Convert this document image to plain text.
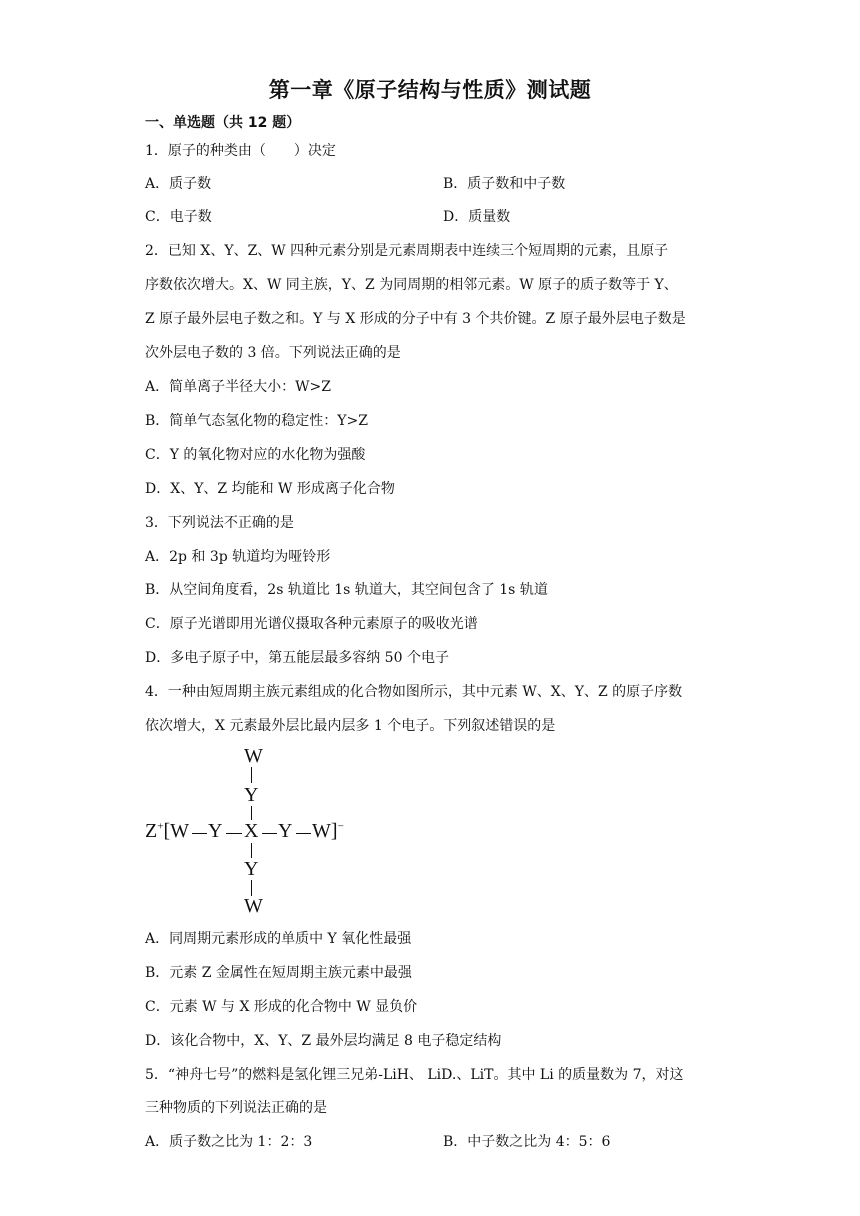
第一章《原子结构与性质》测试题
一、单选题（共 12 题）
1．原子的种类由（　　）决定
A．质子数	B．质子数和中子数
C．电子数	D．质量数
2．已知 X、Y、Z、W 四种元素分别是元素周期表中连续三个短周期的元素，且原子
序数依次增大。X、W 同主族，Y、Z 为同周期的相邻元素。W 原子的质子数等于 Y、
Z 原子最外层电子数之和。Y 与 X 形成的分子中有 3 个共价键。Z 原子最外层电子数是
次外层电子数的 3 倍。下列说法正确的是
A．简单离子半径大小：W>Z
B．简单气态氢化物的稳定性：Y>Z
C．Y 的氧化物对应的水化物为强酸
D．X、Y、Z 均能和 W 形成离子化合物
3．下列说法不正确的是
A．2p 和 3p 轨道均为哑铃形
B．从空间角度看，2s 轨道比 1s 轨道大，其空间包含了 1s 轨道
C．原子光谱即用光谱仪摄取各种元素原子的吸收光谱
D．多电子原子中，第五能层最多容纳 50 个电子
4．一种由短周期主族元素组成的化合物如图所示，其中元素 W、X、Y、Z 的原子序数
依次增大，X 元素最外层比最内层多 1 个电子。下列叙述错误的是
W
Y
Z+[W Y X Y W]−
Y
W
A．同周期元素形成的单质中 Y 氧化性最强
B．元素 Z 金属性在短周期主族元素中最强
C．元素 W 与 X 形成的化合物中 W 显负价
D．该化合物中，X、Y、Z 最外层均满足 8 电子稳定结构
5．“神舟七号”的燃料是氢化锂三兄弟-LiH、 LiD.、LiT。其中 Li 的质量数为 7，对这
三种物质的下列说法正确的是
A．质子数之比为 1：2：3	B．中子数之比为 4：5：6
